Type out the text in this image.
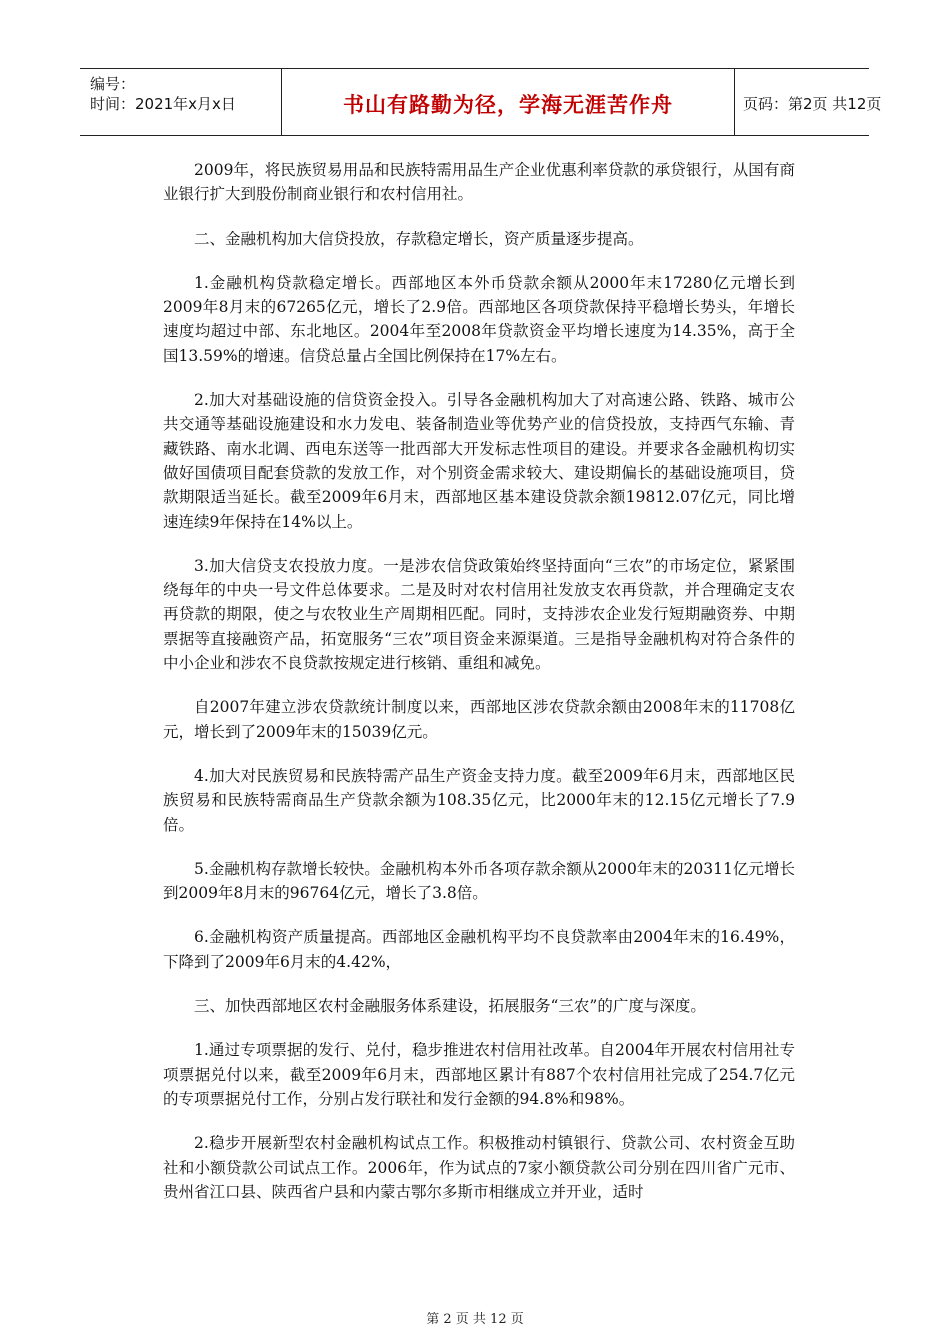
编号：
时间：2021年x月x日	书山有路勤为径，学海无涯苦作舟	页码：第2页 共12页

2009年，将民族贸易用品和民族特需用品生产企业优惠利率贷款的承贷银行，从国有商业银行扩大到股份制商业银行和农村信用社。

二、金融机构加大信贷投放，存款稳定增长，资产质量逐步提高。

1.金融机构贷款稳定增长。西部地区本外币贷款余额从2000年末17280亿元增长到2009年8月末的67265亿元，增长了2.9倍。西部地区各项贷款保持平稳增长势头，年增长速度均超过中部、东北地区。2004年至2008年贷款资金平均增长速度为14.35%，高于全国13.59%的增速。信贷总量占全国比例保持在17%左右。

2.加大对基础设施的信贷资金投入。引导各金融机构加大了对高速公路、铁路、城市公共交通等基础设施建设和水力发电、装备制造业等优势产业的信贷投放，支持西气东输、青藏铁路、南水北调、西电东送等一批西部大开发标志性项目的建设。并要求各金融机构切实做好国债项目配套贷款的发放工作，对个别资金需求较大、建设期偏长的基础设施项目，贷款期限适当延长。截至2009年6月末，西部地区基本建设贷款余额19812.07亿元，同比增速连续9年保持在14%以上。

3.加大信贷支农投放力度。一是涉农信贷政策始终坚持面向“三农”的市场定位，紧紧围绕每年的中央一号文件总体要求。二是及时对农村信用社发放支农再贷款，并合理确定支农再贷款的期限，使之与农牧业生产周期相匹配。同时，支持涉农企业发行短期融资券、中期票据等直接融资产品，拓宽服务“三农”项目资金来源渠道。三是指导金融机构对符合条件的中小企业和涉农不良贷款按规定进行核销、重组和减免。

自2007年建立涉农贷款统计制度以来，西部地区涉农贷款余额由2008年末的11708亿元，增长到了2009年末的15039亿元。

4.加大对民族贸易和民族特需产品生产资金支持力度。截至2009年6月末，西部地区民族贸易和民族特需商品生产贷款余额为108.35亿元，比2000年末的12.15亿元增长了7.9倍。

5.金融机构存款增长较快。金融机构本外币各项存款余额从2000年末的20311亿元增长到2009年8月末的96764亿元，增长了3.8倍。

6.金融机构资产质量提高。西部地区金融机构平均不良贷款率由2004年末的16.49%，下降到了2009年6月末的4.42%，

三、加快西部地区农村金融服务体系建设，拓展服务“三农”的广度与深度。

1.通过专项票据的发行、兑付，稳步推进农村信用社改革。自2004年开展农村信用社专项票据兑付以来，截至2009年6月末，西部地区累计有887个农村信用社完成了254.7亿元的专项票据兑付工作，分别占发行联社和发行金额的94.8%和98%。

2.稳步开展新型农村金融机构试点工作。积极推动村镇银行、贷款公司、农村资金互助社和小额贷款公司试点工作。2006年，作为试点的7家小额贷款公司分别在四川省广元市、贵州省江口县、陕西省户县和内蒙古鄂尔多斯市相继成立并开业，适时

第 2 页 共 12 页
